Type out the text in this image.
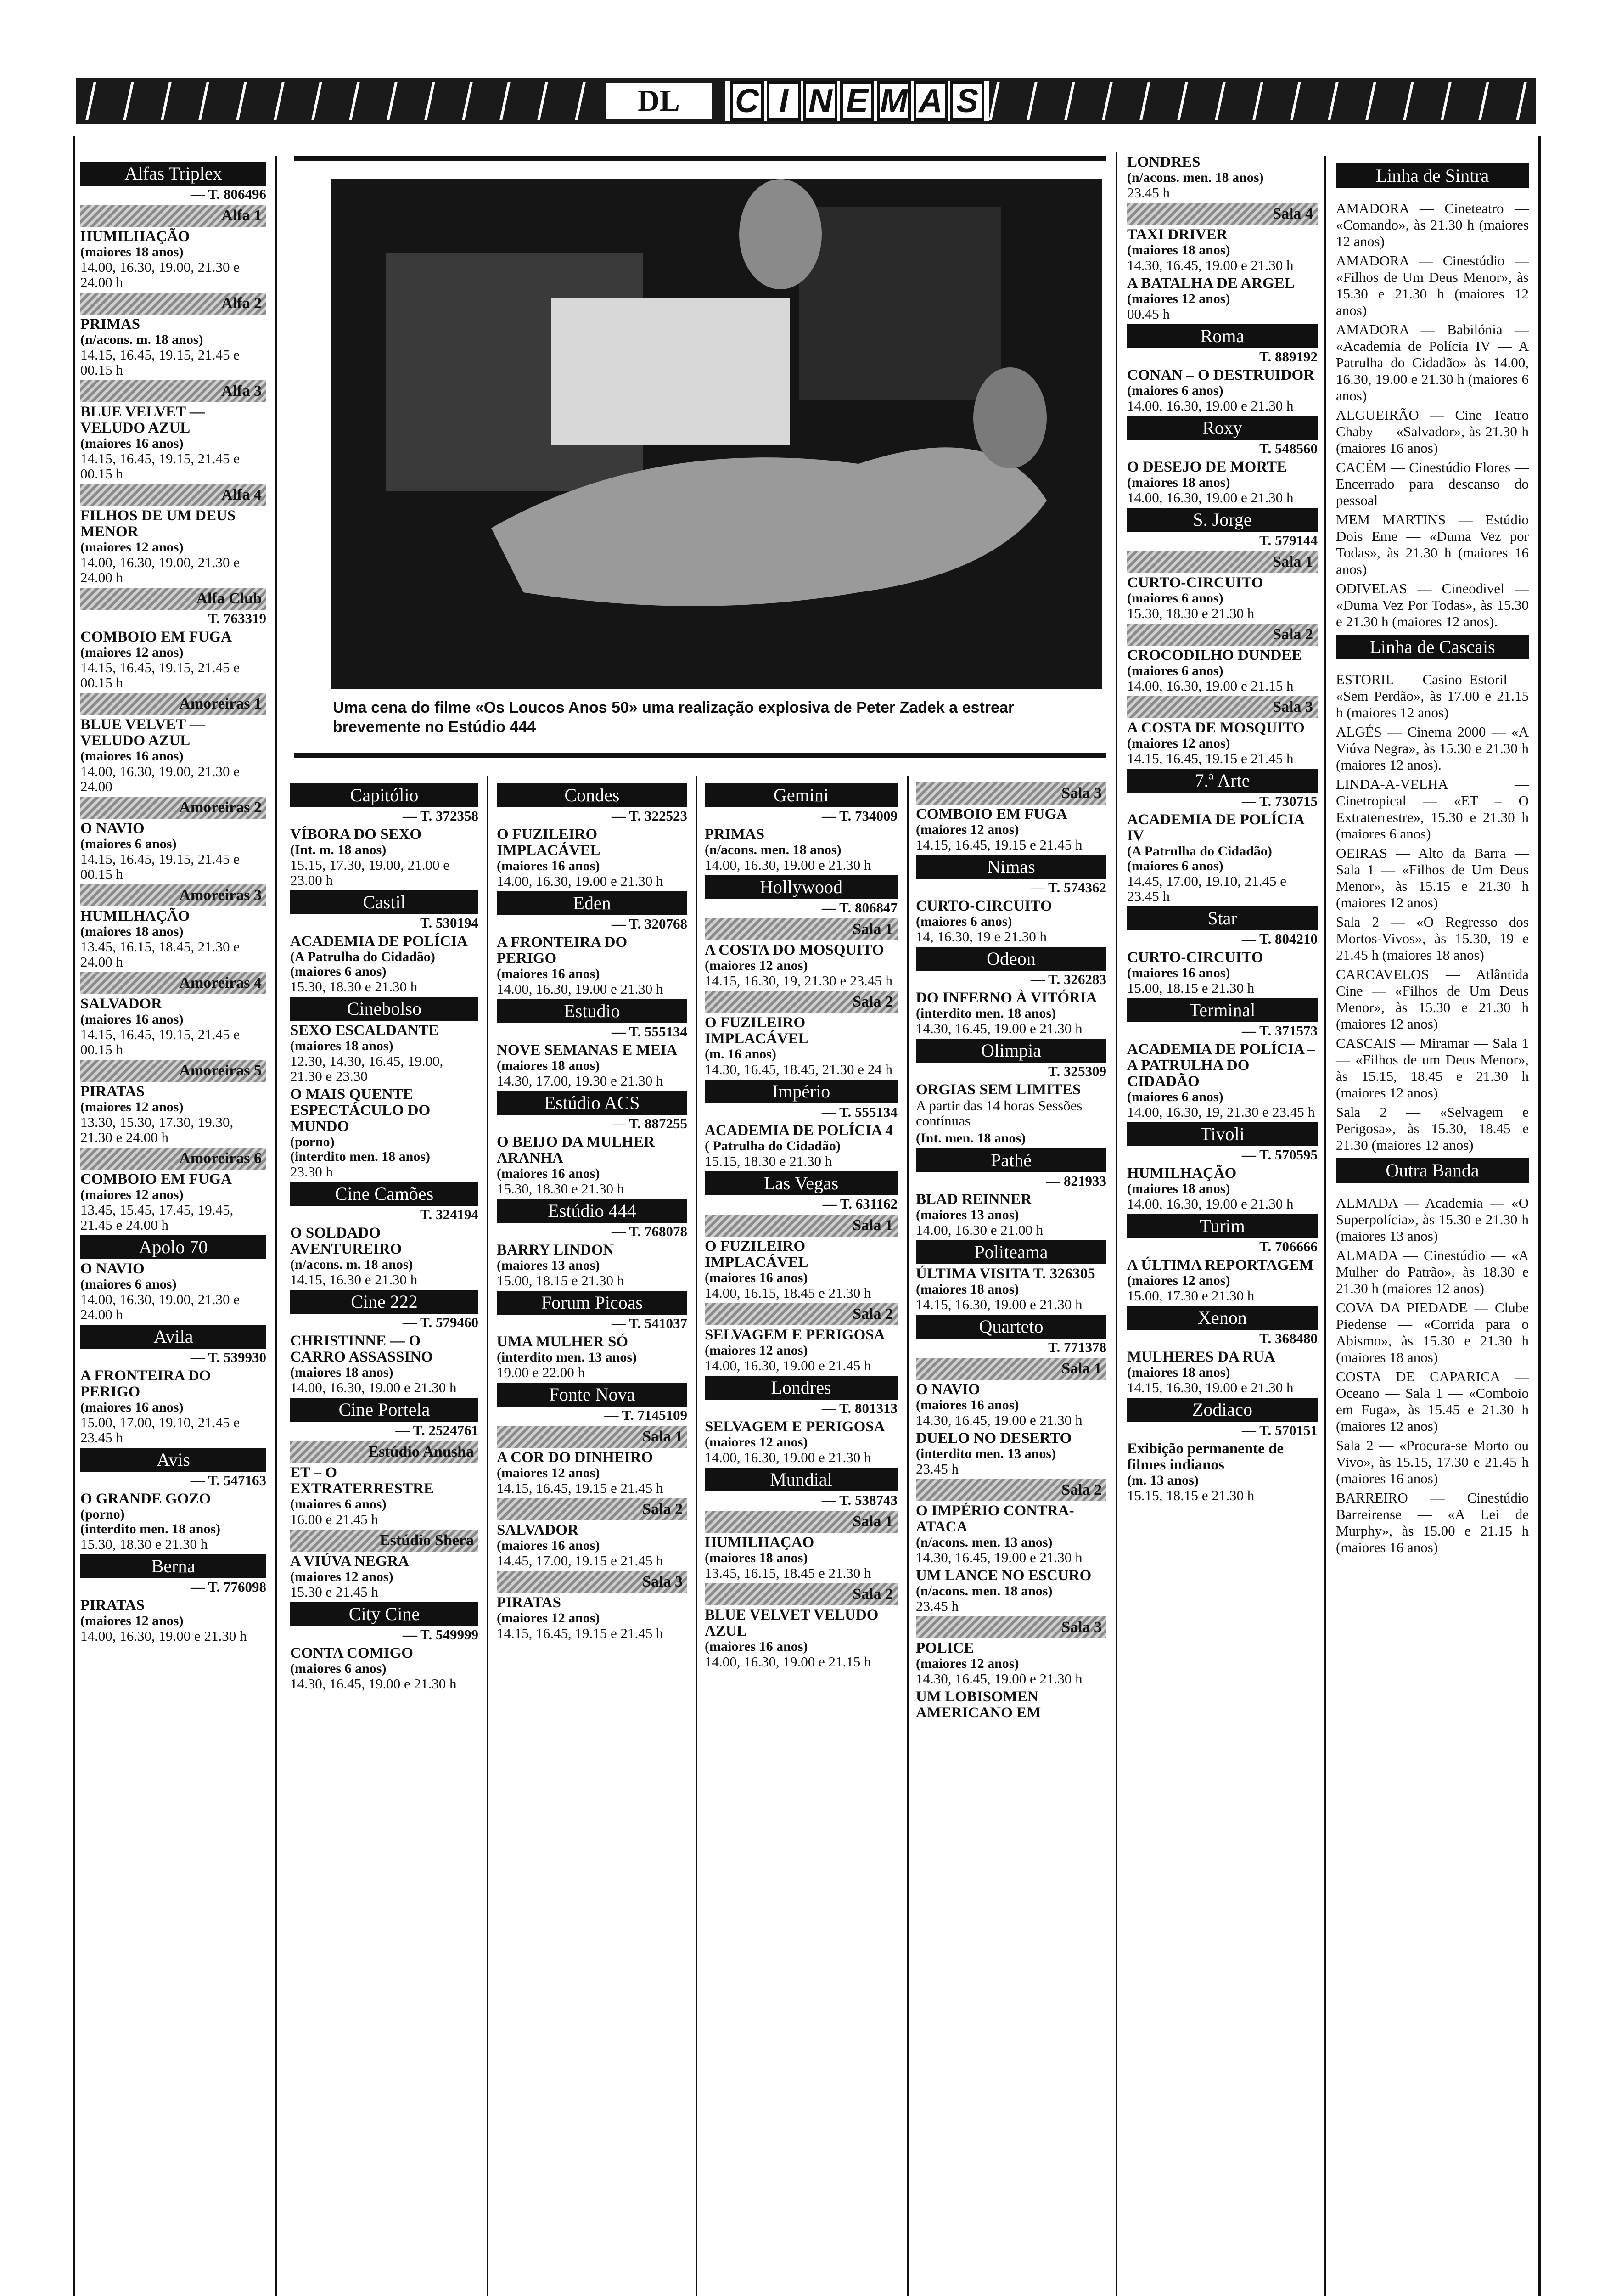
DL	C I N E M A S
Uma cena do filme «Os Loucos Anos 50» uma realização explosiva de Peter Zadek a estrear brevemente no Estúdio 444
Alfas Triplex
— T. 806496
Alfa 1
HUMILHAÇÃO
(maiores 18 anos)
14.00, 16.30, 19.00, 21.30 e 24.00 h
Alfa 2
PRIMAS
(n/acons. m. 18 anos)
14.15, 16.45, 19.15, 21.45 e 00.15 h
Alfa 3
BLUE VELVET — VELUDO AZUL
(maiores 16 anos)
14.15, 16.45, 19.15, 21.45 e 00.15 h
Alfa 4
FILHOS DE UM DEUS MENOR
(maiores 12 anos)
14.00, 16.30, 19.00, 21.30 e 24.00 h
Alfa Club
T. 763319
COMBOIO EM FUGA
(maiores 12 anos)
14.15, 16.45, 19.15, 21.45 e 00.15 h
Amoreiras 1
BLUE VELVET — VELUDO AZUL
(maiores 16 anos)
14.00, 16.30, 19.00, 21.30 e 24.00
Amoreiras 2
O NAVIO
(maiores 6 anos)
14.15, 16.45, 19.15, 21.45 e 00.15 h
Amoreiras 3
HUMILHAÇÃO
(maiores 18 anos)
13.45, 16.15, 18.45, 21.30 e 24.00 h
Amoreiras 4
SALVADOR
(maiores 16 anos)
14.15, 16.45, 19.15, 21.45 e 00.15 h
Amoreiras 5
PIRATAS
(maiores 12 anos)
13.30, 15.30, 17.30, 19.30, 21.30 e 24.00 h
Amoreiras 6
COMBOIO EM FUGA
(maiores 12 anos)
13.45, 15.45, 17.45, 19.45, 21.45 e 24.00 h
Apolo 70
O NAVIO
(maiores 6 anos)
14.00, 16.30, 19.00, 21.30 e 24.00 h
Avila
— T. 539930
A FRONTEIRA DO PERIGO
(maiores 16 anos)
15.00, 17.00, 19.10, 21.45 e 23.45 h
Avis
— T. 547163
O GRANDE GOZO
(porno)
(interdito men. 18 anos)
15.30, 18.30 e 21.30 h
Berna
— T. 776098
PIRATAS
(maiores 12 anos)
14.00, 16.30, 19.00 e 21.30 h
Capitólio
— T. 372358
VÍBORA DO SEXO
(Int. m. 18 anos)
15.15, 17.30, 19.00, 21.00 e 23.00 h
Castil
T. 530194
ACADEMIA DE POLÍCIA
(A Patrulha do Cidadão)
(maiores 6 anos)
15.30, 18.30 e 21.30 h
Cinebolso
SEXO ESCALDANTE
(maiores 18 anos)
12.30, 14.30, 16.45, 19.00, 21.30 e 23.30
O MAIS QUENTE ESPECTÁCULO DO MUNDO
(porno)
(interdito men. 18 anos)
23.30 h
Cine Camões
T. 324194
O SOLDADO AVENTUREIRO
(n/acons. m. 18 anos)
14.15, 16.30 e 21.30 h
Cine 222
— T. 579460
CHRISTINNE — O CARRO ASSASSINO
(maiores 18 anos)
14.00, 16.30, 19.00 e 21.30 h
Cine Portela
— T. 2524761
Estúdio Anusha
ET – O EXTRATERRESTRE
(maiores 6 anos)
16.00 e 21.45 h
Estúdio Shera
A VIÚVA NEGRA
(maiores 12 anos)
15.30 e 21.45 h
City Cine
— T. 549999
CONTA COMIGO
(maiores 6 anos)
14.30, 16.45, 19.00 e 21.30 h
Condes
— T. 322523
O FUZILEIRO IMPLACÁVEL
(maiores 16 anos)
14.00, 16.30, 19.00 e 21.30 h
Eden
— T. 320768
A FRONTEIRA DO PERIGO
(maiores 16 anos)
14.00, 16.30, 19.00 e 21.30 h
Estudio
— T. 555134
NOVE SEMANAS E MEIA
(maiores 18 anos)
14.30, 17.00, 19.30 e 21.30 h
Estúdio ACS
— T. 887255
O BEIJO DA MULHER ARANHA
(maiores 16 anos)
15.30, 18.30 e 21.30 h
Estúdio 444
— T. 768078
BARRY LINDON
(maiores 13 anos)
15.00, 18.15 e 21.30 h
Forum Picoas
— T. 541037
UMA MULHER SÓ
(interdito men. 13 anos)
19.00 e 22.00 h
Fonte Nova
— T. 7145109
Sala 1
A COR DO DINHEIRO
(maiores 12 anos)
14.15, 16.45, 19.15 e 21.45 h
Sala 2
SALVADOR
(maiores 16 anos)
14.45, 17.00, 19.15 e 21.45 h
Sala 3
PIRATAS
(maiores 12 anos)
14.15, 16.45, 19.15 e 21.45 h
Gemini
— T. 734009
PRIMAS
(n/acons. men. 18 anos)
14.00, 16.30, 19.00 e 21.30 h
Hollywood
— T. 806847
Sala 1
A COSTA DO MOSQUITO
(maiores 12 anos)
14.15, 16.30, 19, 21.30 e 23.45 h
Sala 2
O FUZILEIRO IMPLACÁVEL
(m. 16 anos)
14.30, 16.45, 18.45, 21.30 e 24 h
Império
— T. 555134
ACADEMIA DE POLÍCIA 4
( Patrulha do Cidadão)
15.15, 18.30 e 21.30 h
Las Vegas
— T. 631162
Sala 1
O FUZILEIRO IMPLACÁVEL
(maiores 16 anos)
14.00, 16.15, 18.45 e 21.30 h
Sala 2
SELVAGEM E PERIGOSA
(maiores 12 anos)
14.00, 16.30, 19.00 e 21.45 h
Londres
— T. 801313
SELVAGEM E PERIGOSA
(maiores 12 anos)
14.00, 16.30, 19.00 e 21.30 h
Mundial
— T. 538743
Sala 1
HUMILHAÇAO
(maiores 18 anos)
13.45, 16.15, 18.45 e 21.30 h
Sala 2
BLUE VELVET VELUDO AZUL
(maiores 16 anos)
14.00, 16.30, 19.00 e 21.15 h
Sala 3
COMBOIO EM FUGA
(maiores 12 anos)
14.15, 16.45, 19.15 e 21.45 h
Nimas
— T. 574362
CURTO-CIRCUITO
(maiores 6 anos)
14, 16.30, 19 e 21.30 h
Odeon
— T. 326283
DO INFERNO À VITÓRIA
(interdito men. 18 anos)
14.30, 16.45, 19.00 e 21.30 h
Olimpia
T. 325309
ORGIAS SEM LIMITES
A partir das 14 horas Sessões contínuas
(Int. men. 18 anos)
Pathé
— 821933
BLAD REINNER
(maiores 13 anos)
14.00, 16.30 e 21.00 h
Politeama
ÚLTIMA VISITA T. 326305
(maiores 18 anos)
14.15, 16.30, 19.00 e 21.30 h
Quarteto
T. 771378
Sala 1
O NAVIO
(maiores 16 anos)
14.30, 16.45, 19.00 e 21.30 h
DUELO NO DESERTO
(interdito men. 13 anos)
23.45 h
Sala 2
O IMPÉRIO CONTRA-ATACA
(n/acons. men. 13 anos)
14.30, 16.45, 19.00 e 21.30 h
UM LANCE NO ESCURO
(n/acons. men. 18 anos)
23.45 h
Sala 3
POLICE
(maiores 12 anos)
14.30, 16.45, 19.00 e 21.30 h
UM LOBISOMEN AMERICANO EM
LONDRES
(n/acons. men. 18 anos)
23.45 h
Sala 4
TAXI DRIVER
(maiores 18 anos)
14.30, 16.45, 19.00 e 21.30 h
A BATALHA DE ARGEL
(maiores 12 anos)
00.45 h
Roma
T. 889192
CONAN – O DESTRUIDOR
(maiores 6 anos)
14.00, 16.30, 19.00 e 21.30 h
Roxy
T. 548560
O DESEJO DE MORTE
(maiores 18 anos)
14.00, 16.30, 19.00 e 21.30 h
S. Jorge
T. 579144
Sala 1
CURTO-CIRCUITO
(maiores 6 anos)
15.30, 18.30 e 21.30 h
Sala 2
CROCODILHO DUNDEE
(maiores 6 anos)
14.00, 16.30, 19.00 e 21.15 h
Sala 3
A COSTA DE MOSQUITO
(maiores 12 anos)
14.15, 16.45, 19.15 e 21.45 h
7.ª Arte
— T. 730715
ACADEMIA DE POLÍCIA IV
(A Patrulha do Cidadão)
(maiores 6 anos)
14.45, 17.00, 19.10, 21.45 e 23.45 h
Star
— T. 804210
CURTO-CIRCUITO
(maiores 16 anos)
15.00, 18.15 e 21.30 h
Terminal
— T. 371573
ACADEMIA DE POLÍCIA – A PATRULHA DO CIDADÃO
(maiores 6 anos)
14.00, 16.30, 19, 21.30 e 23.45 h
Tivoli
— T. 570595
HUMILHAÇÃO
(maiores 18 anos)
14.00, 16.30, 19.00 e 21.30 h
Turim
T. 706666
A ÚLTIMA REPORTAGEM
(maiores 12 anos)
15.00, 17.30 e 21.30 h
Xenon
T. 368480
MULHERES DA RUA
(maiores 18 anos)
14.15, 16.30, 19.00 e 21.30 h
Zodiaco
— T. 570151
Exibição permanente de filmes indianos
(m. 13 anos)
15.15, 18.15 e 21.30 h
Linha de Sintra
AMADORA — Cineteatro — «Comando», às 21.30 h (maiores 12 anos)
AMADORA — Cinestúdio — «Filhos de Um Deus Menor», às 15.30 e 21.30 h (maiores 12 anos)
AMADORA — Babilónia — «Academia de Polícia IV — A Patrulha do Cidadão» às 14.00, 16.30, 19.00 e 21.30 h (maiores 6 anos)
ALGUEIRÃO — Cine Teatro Chaby — «Salvador», às 21.30 h (maiores 16 anos)
CACÉM — Cinestúdio Flores — Encerrado para descanso do pessoal
MEM MARTINS — Estúdio Dois Eme — «Duma Vez por Todas», às 21.30 h (maiores 16 anos)
ODIVELAS — Cineodivel — «Duma Vez Por Todas», às 15.30 e 21.30 h (maiores 12 anos).
Linha de Cascais
ESTORIL — Casino Estoril — «Sem Perdão», às 17.00 e 21.15 h (maiores 12 anos)
ALGÉS — Cinema 2000 — «A Viúva Negra», às 15.30 e 21.30 h (maiores 12 anos).
LINDA-A-VELHA — Cinetropical — «ET – O Extraterrestre», 15.30 e 21.30 h (maiores 6 anos)
OEIRAS — Alto da Barra — Sala 1 — «Filhos de Um Deus Menor», às 15.15 e 21.30 h (maiores 12 anos)
Sala 2 — «O Regresso dos Mortos-Vivos», às 15.30, 19 e 21.45 h (maiores 18 anos)
CARCAVELOS — Atlântida Cine — «Filhos de Um Deus Menor», às 15.30 e 21.30 h (maiores 12 anos)
CASCAIS — Miramar — Sala 1 — «Filhos de um Deus Menor», às 15.15, 18.45 e 21.30 h (maiores 12 anos)
Sala 2 — «Selvagem e Perigosa», às 15.30, 18.45 e 21.30 (maiores 12 anos)
Outra Banda
ALMADA — Academia — «O Superpolícia», às 15.30 e 21.30 h (maiores 13 anos)
ALMADA — Cinestúdio — «A Mulher do Patrão», às 18.30 e 21.30 h (maiores 12 anos)
COVA DA PIEDADE — Clube Piedense — «Corrida para o Abismo», às 15.30 e 21.30 h (maiores 18 anos)
COSTA DE CAPARICA — Oceano — Sala 1 — «Comboio em Fuga», às 15.45 e 21.30 h (maiores 12 anos)
Sala 2 — «Procura-se Morto ou Vivo», às 15.15, 17.30 e 21.45 h (maiores 16 anos)
BARREIRO — Cinestúdio Barreirense — «A Lei de Murphy», às 15.00 e 21.15 h (maiores 16 anos)
